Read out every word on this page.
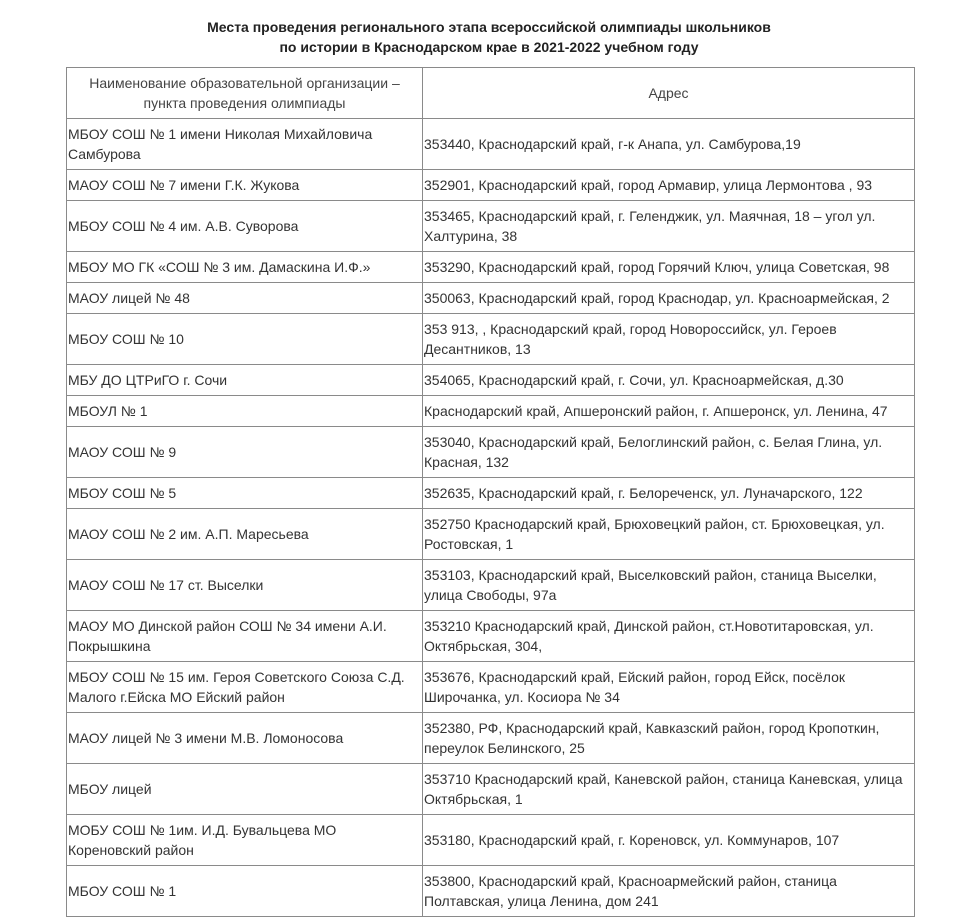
Места проведения регионального этапа всероссийской олимпиады школьников
по истории в Краснодарском крае в 2021-2022 учебном году
Наименование образовательной организации – пункта проведения олимпиады	Адрес
МБОУ СОШ № 1 имени Николая Михайловича Самбурова	353440, Краснодарский край, г-к Анапа, ул. Самбурова,19
МАОУ СОШ № 7 имени Г.К. Жукова	352901, Краснодарский край, город Армавир, улица Лермонтова , 93
МБОУ СОШ № 4 им. А.В. Суворова	353465, Краснодарский край, г. Геленджик, ул. Маячная, 18 – угол ул. Халтурина, 38
МБОУ МО ГК «СОШ № 3 им. Дамаскина И.Ф.»	353290, Краснодарский край, город Горячий Ключ, улица Советская, 98
МАОУ лицей № 48	350063, Краснодарский край, город Краснодар, ул. Красноармейская, 2
МБОУ СОШ № 10	353 913, , Краснодарский край, город Новороссийск, ул. Героев Десантников, 13
МБУ ДО ЦТРиГО г. Сочи	354065, Краснодарский край, г. Сочи, ул. Красноармейская, д.30
МБОУЛ № 1	Краснодарский край, Апшеронский район, г. Апшеронск, ул. Ленина, 47
МАОУ СОШ № 9	353040, Краснодарский край, Белоглинский район, с. Белая Глина, ул. Красная, 132
МБОУ СОШ № 5	352635, Краснодарский край, г. Белореченск, ул. Луначарского, 122
МАОУ СОШ № 2 им. А.П. Маресьева	352750 Краснодарский край, Брюховецкий район, ст. Брюховецкая, ул. Ростовская, 1
МАОУ СОШ № 17 ст. Выселки	353103, Краснодарский край, Выселковский район, станица Выселки, улица Свободы, 97а
МАОУ МО Динской район СОШ № 34 имени А.И. Покрышкина	353210 Краснодарский край, Динской район, ст.Новотитаровская, ул. Октябрьская, 304,
МБОУ СОШ № 15 им. Героя Советского Союза С.Д. Малого г.Ейска МО Ейский район	353676, Краснодарский край, Ейский район, город Ейск, посёлок Широчанка, ул. Косиора № 34
МАОУ лицей № 3 имени М.В. Ломоносова	352380, РФ, Краснодарский край, Кавказский район, город Кропоткин, переулок Белинского, 25
МБОУ лицей	353710 Краснодарский край, Каневской район, станица Каневская, улица Октябрьская, 1
МОБУ СОШ № 1им. И.Д. Бувальцева МО Кореновский район	353180, Краснодарский край, г. Кореновск, ул. Коммунаров, 107
МБОУ СОШ № 1	353800, Краснодарский край, Красноармейский район, станица Полтавская, улица Ленина, дом 241
